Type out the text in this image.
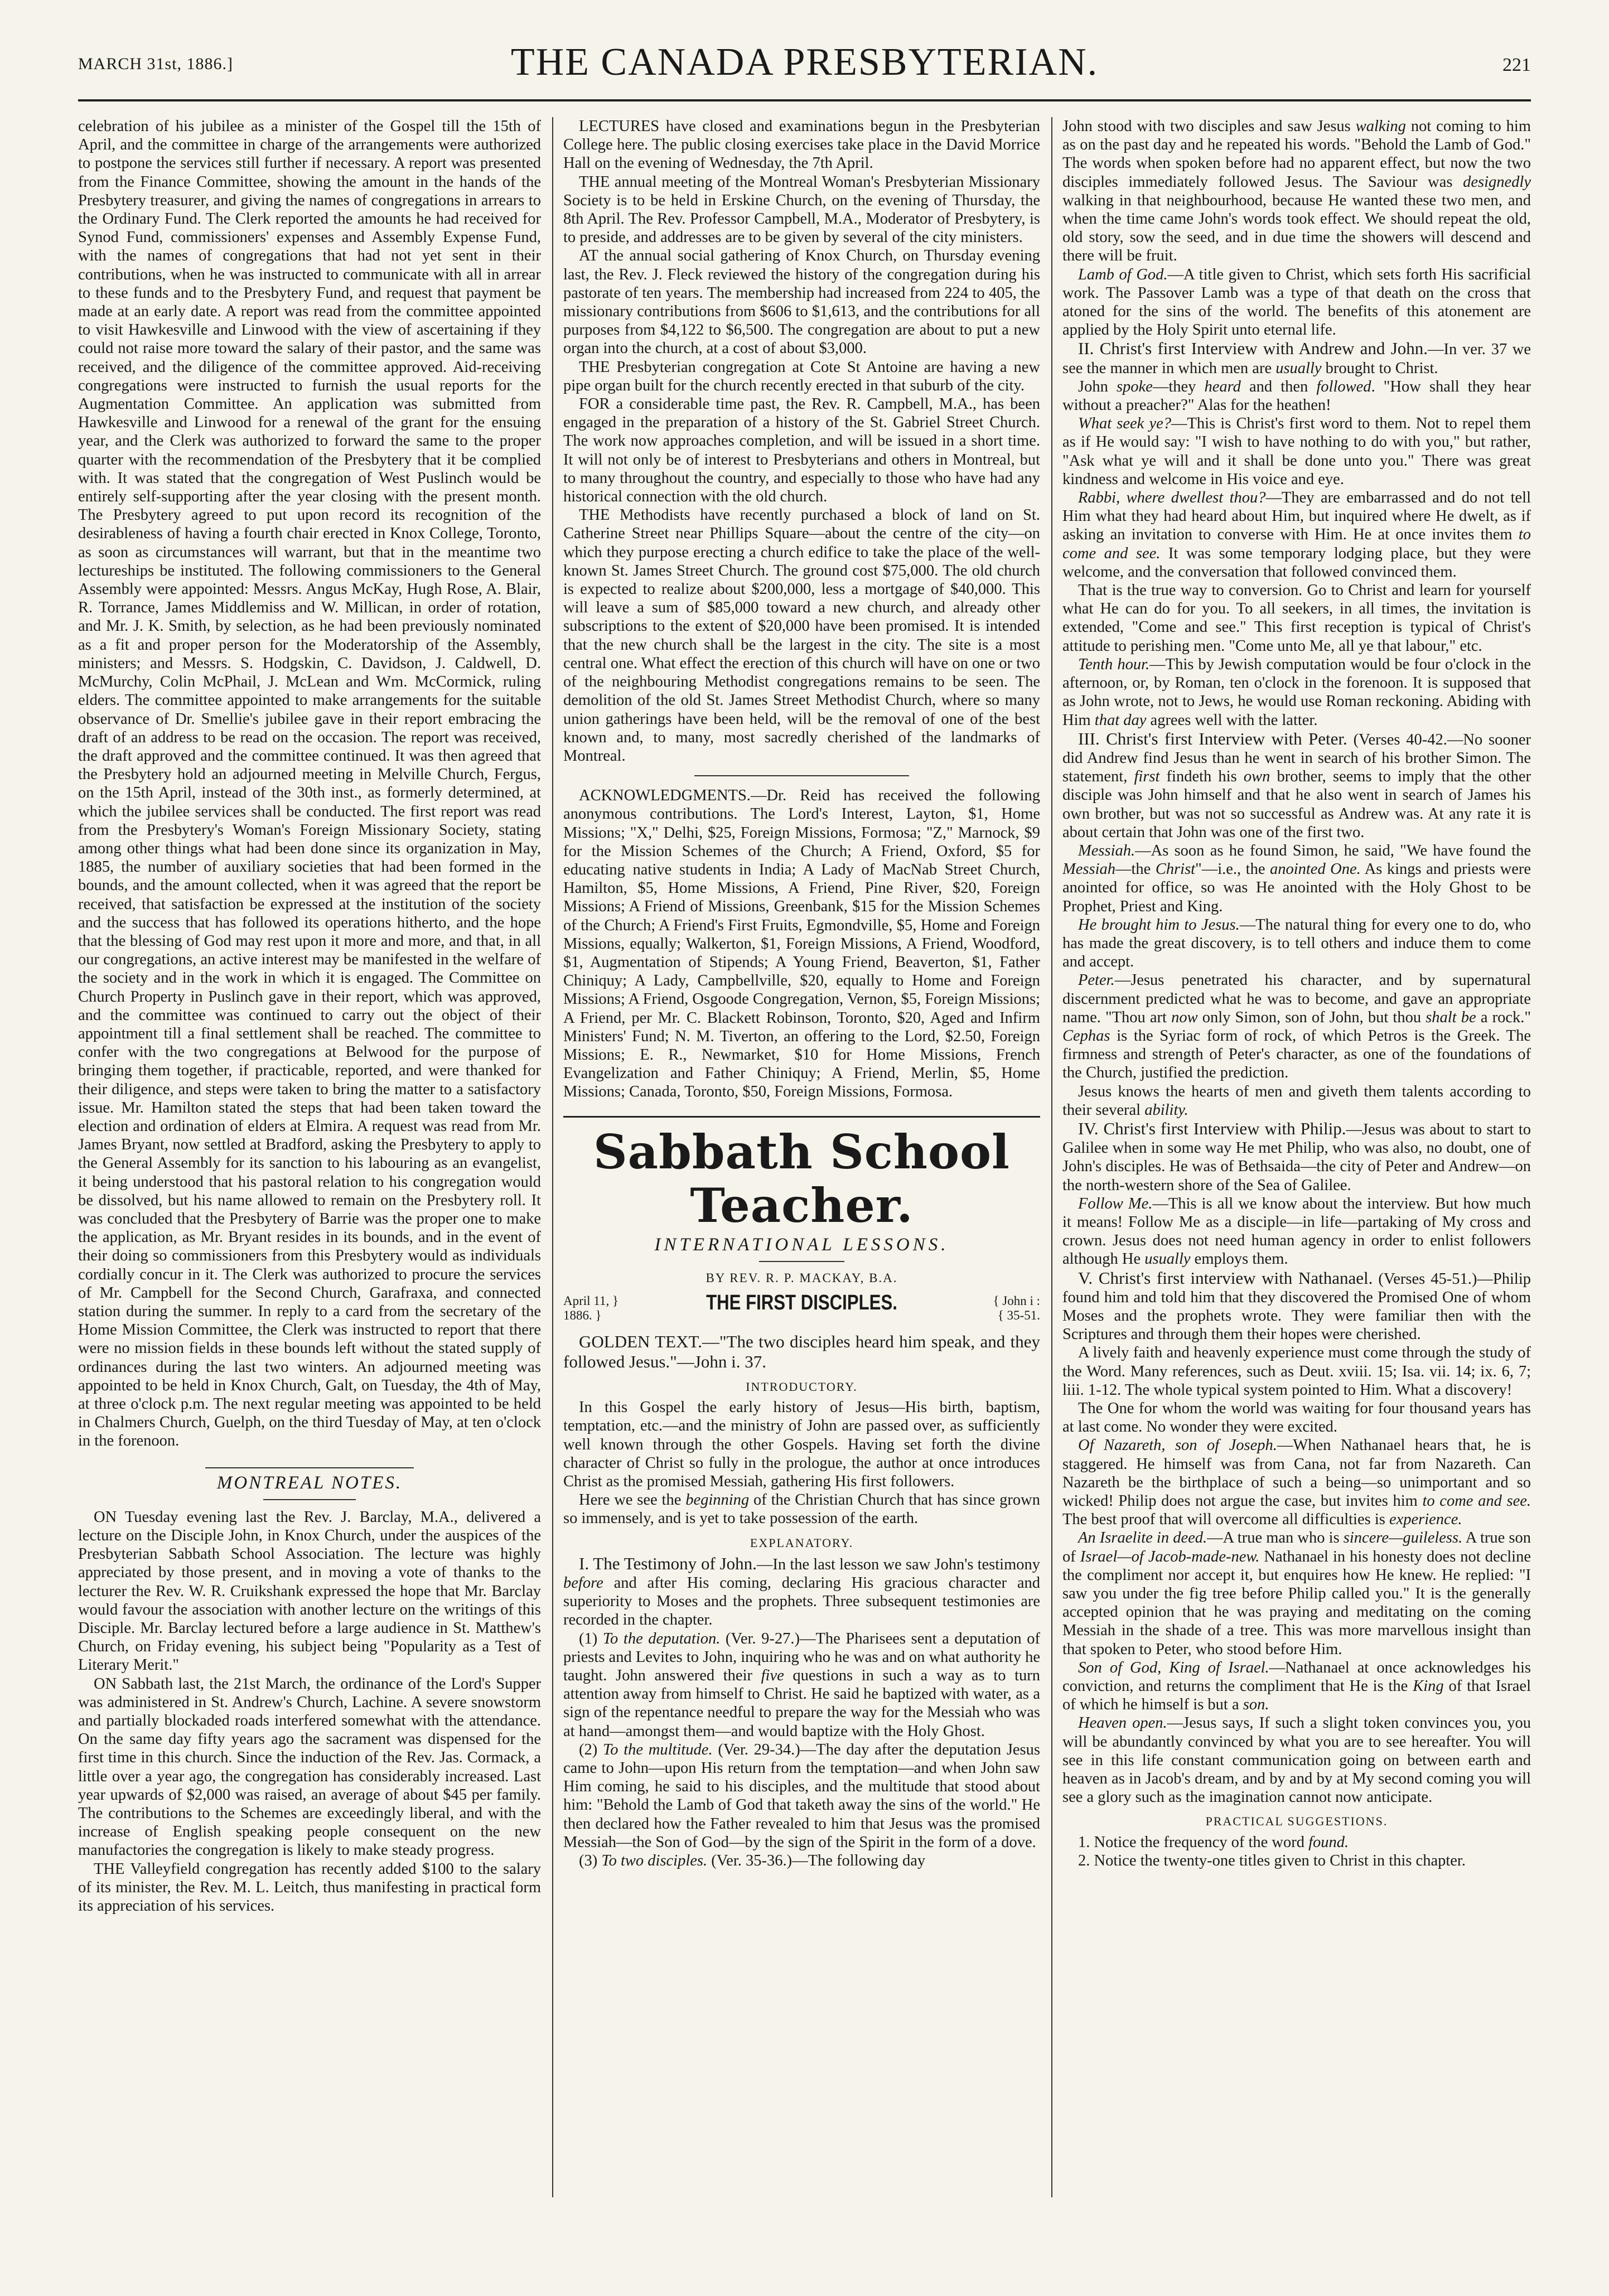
MARCH 31st, 1886.]	THE CANADA PRESBYTERIAN.	221

celebration of his jubilee as a minister of the Gospel till the 15th of April, and the committee in charge of the arrangements were authorized to postpone the services still further if necessary. A report was presented from the Finance Committee, showing the amount in the hands of the Presbytery treasurer, and giving the names of congregations in arrears to the Ordinary Fund. The Clerk reported the amounts he had received for Synod Fund, commissioners' expenses and Assembly Expense Fund, with the names of congregations that had not yet sent in their contributions, when he was instructed to communicate with all in arrear to these funds and to the Presbytery Fund, and request that payment be made at an early date. A report was read from the committee appointed to visit Hawkesville and Linwood with the view of ascertaining if they could not raise more toward the salary of their pastor, and the same was received, and the diligence of the committee approved. Aid-receiving congregations were instructed to furnish the usual reports for the Augmentation Committee. An application was submitted from Hawkesville and Linwood for a renewal of the grant for the ensuing year, and the Clerk was authorized to forward the same to the proper quarter with the recommendation of the Presbytery that it be complied with. It was stated that the congregation of West Puslinch would be entirely self-supporting after the year closing with the present month. The Presbytery agreed to put upon record its recognition of the desirableness of having a fourth chair erected in Knox College, Toronto, as soon as circumstances will warrant, but that in the meantime two lectureships be instituted. The following commissioners to the General Assembly were appointed: Messrs. Angus McKay, Hugh Rose, A. Blair, R. Torrance, James Middlemiss and W. Millican, in order of rotation, and Mr. J. K. Smith, by selection, as he had been previously nominated as a fit and proper person for the Moderatorship of the Assembly, ministers; and Messrs. S. Hodgskin, C. Davidson, J. Caldwell, D. McMurchy, Colin McPhail, J. McLean and Wm. McCormick, ruling elders. The committee appointed to make arrangements for the suitable observance of Dr. Smellie's jubilee gave in their report embracing the draft of an address to be read on the occasion. The report was received, the draft approved and the committee continued. It was then agreed that the Presbytery hold an adjourned meeting in Melville Church, Fergus, on the 15th April, instead of the 30th inst., as formerly determined, at which the jubilee services shall be conducted. The first report was read from the Presbytery's Woman's Foreign Missionary Society, stating among other things what had been done since its organization in May, 1885, the number of auxiliary societies that had been formed in the bounds, and the amount collected, when it was agreed that the report be received, that satisfaction be expressed at the institution of the society and the success that has followed its operations hitherto, and the hope that the blessing of God may rest upon it more and more, and that, in all our congregations, an active interest may be manifested in the welfare of the society and in the work in which it is engaged. The Committee on Church Property in Puslinch gave in their report, which was approved, and the committee was continued to carry out the object of their appointment till a final settlement shall be reached. The committee to confer with the two congregations at Belwood for the purpose of bringing them together, if practicable, reported, and were thanked for their diligence, and steps were taken to bring the matter to a satisfactory issue. Mr. Hamilton stated the steps that had been taken toward the election and ordination of elders at Elmira. A request was read from Mr. James Bryant, now settled at Bradford, asking the Presbytery to apply to the General Assembly for its sanction to his labouring as an evangelist, it being understood that his pastoral relation to his congregation would be dissolved, but his name allowed to remain on the Presbytery roll. It was concluded that the Presbytery of Barrie was the proper one to make the application, as Mr. Bryant resides in its bounds, and in the event of their doing so commissioners from this Presbytery would as individuals cordially concur in it. The Clerk was authorized to procure the services of Mr. Campbell for the Second Church, Garafraxa, and connected station during the summer. In reply to a card from the secretary of the Home Mission Committee, the Clerk was instructed to report that there were no mission fields in these bounds left without the stated supply of ordinances during the last two winters. An adjourned meeting was appointed to be held in Knox Church, Galt, on Tuesday, the 4th of May, at three o'clock p.m. The next regular meeting was appointed to be held in Chalmers Church, Guelph, on the third Tuesday of May, at ten o'clock in the forenoon.

MONTREAL NOTES.

ON Tuesday evening last the Rev. J. Barclay, M.A., delivered a lecture on the Disciple John, in Knox Church, under the auspices of the Presbyterian Sabbath School Association. The lecture was highly appreciated by those present, and in moving a vote of thanks to the lecturer the Rev. W. R. Cruikshank expressed the hope that Mr. Barclay would favour the association with another lecture on the writings of this Disciple. Mr. Barclay lectured before a large audience in St. Matthew's Church, on Friday evening, his subject being "Popularity as a Test of Literary Merit."

ON Sabbath last, the 21st March, the ordinance of the Lord's Supper was administered in St. Andrew's Church, Lachine. A severe snowstorm and partially blockaded roads interfered somewhat with the attendance. On the same day fifty years ago the sacrament was dispensed for the first time in this church. Since the induction of the Rev. Jas. Cormack, a little over a year ago, the congregation has considerably increased. Last year upwards of $2,000 was raised, an average of about $45 per family. The contributions to the Schemes are exceedingly liberal, and with the increase of English speaking people consequent on the new manufactories the congregation is likely to make steady progress.

THE Valleyfield congregation has recently added $100 to the salary of its minister, the Rev. M. L. Leitch, thus manifesting in practical form its appreciation of his services.

LECTURES have closed and examinations begun in the Presbyterian College here. The public closing exercises take place in the David Morrice Hall on the evening of Wednesday, the 7th April.

THE annual meeting of the Montreal Woman's Presbyterian Missionary Society is to be held in Erskine Church, on the evening of Thursday, the 8th April. The Rev. Professor Campbell, M.A., Moderator of Presbytery, is to preside, and addresses are to be given by several of the city ministers.

AT the annual social gathering of Knox Church, on Thursday evening last, the Rev. J. Fleck reviewed the history of the congregation during his pastorate of ten years. The membership had increased from 224 to 405, the missionary contributions from $606 to $1,613, and the contributions for all purposes from $4,122 to $6,500. The congregation are about to put a new organ into the church, at a cost of about $3,000.

THE Presbyterian congregation at Cote St Antoine are having a new pipe organ built for the church recently erected in that suburb of the city.

FOR a considerable time past, the Rev. R. Campbell, M.A., has been engaged in the preparation of a history of the St. Gabriel Street Church. The work now approaches completion, and will be issued in a short time. It will not only be of interest to Presbyterians and others in Montreal, but to many throughout the country, and especially to those who have had any historical connection with the old church.

THE Methodists have recently purchased a block of land on St. Catherine Street near Phillips Square—about the centre of the city—on which they purpose erecting a church edifice to take the place of the well-known St. James Street Church. The ground cost $75,000. The old church is expected to realize about $200,000, less a mortgage of $40,000. This will leave a sum of $85,000 toward a new church, and already other subscriptions to the extent of $20,000 have been promised. It is intended that the new church shall be the largest in the city. The site is a most central one. What effect the erection of this church will have on one or two of the neighbouring Methodist congregations remains to be seen. The demolition of the old St. James Street Methodist Church, where so many union gatherings have been held, will be the removal of one of the best known and, to many, most sacredly cherished of the landmarks of Montreal.

ACKNOWLEDGMENTS.—Dr. Reid has received the following anonymous contributions. The Lord's Interest, Layton, $1, Home Missions; "X," Delhi, $25, Foreign Missions, Formosa; "Z," Marnock, $9 for the Mission Schemes of the Church; A Friend, Oxford, $5 for educating native students in India; A Lady of MacNab Street Church, Hamilton, $5, Home Missions, A Friend, Pine River, $20, Foreign Missions; A Friend of Missions, Greenbank, $15 for the Mission Schemes of the Church; A Friend's First Fruits, Egmondville, $5, Home and Foreign Missions, equally; Walkerton, $1, Foreign Missions, A Friend, Woodford, $1, Augmentation of Stipends; A Young Friend, Beaverton, $1, Father Chiniquy; A Lady, Campbellville, $20, equally to Home and Foreign Missions; A Friend, Osgoode Congregation, Vernon, $5, Foreign Missions; A Friend, per Mr. C. Blackett Robinson, Toronto, $20, Aged and Infirm Ministers' Fund; N. M. Tiverton, an offering to the Lord, $2.50, Foreign Missions; E. R., Newmarket, $10 for Home Missions, French Evangelization and Father Chiniquy; A Friend, Merlin, $5, Home Missions; Canada, Toronto, $50, Foreign Missions, Formosa.

Sabbath School Teacher.
INTERNATIONAL LESSONS.
BY REV. R. P. MACKAY, B.A.
April 11, }
1886. }
THE FIRST DISCIPLES.	{ John i :
{ 35-51.

GOLDEN TEXT.—"The two disciples heard him speak, and they followed Jesus."—John i. 37.

INTRODUCTORY.

In this Gospel the early history of Jesus—His birth, baptism, temptation, etc.—and the ministry of John are passed over, as sufficiently well known through the other Gospels. Having set forth the divine character of Christ so fully in the prologue, the author at once introduces Christ as the promised Messiah, gathering His first followers.

Here we see the beginning of the Christian Church that has since grown so immensely, and is yet to take possession of the earth.

EXPLANATORY.

I. The Testimony of John.—In the last lesson we saw John's testimony before and after His coming, declaring His gracious character and superiority to Moses and the prophets. Three subsequent testimonies are recorded in the chapter.

(1) To the deputation. (Ver. 9-27.)—The Pharisees sent a deputation of priests and Levites to John, inquiring who he was and on what authority he taught. John answered their five questions in such a way as to turn attention away from himself to Christ. He said he baptized with water, as a sign of the repentance needful to prepare the way for the Messiah who was at hand—amongst them—and would baptize with the Holy Ghost.

(2) To the multitude. (Ver. 29-34.)—The day after the deputation Jesus came to John—upon His return from the temptation—and when John saw Him coming, he said to his disciples, and the multitude that stood about him: "Behold the Lamb of God that taketh away the sins of the world." He then declared how the Father revealed to him that Jesus was the promised Messiah—the Son of God—by the sign of the Spirit in the form of a dove.

(3) To two disciples. (Ver. 35-36.)—The following day

John stood with two disciples and saw Jesus walking not coming to him as on the past day and he repeated his words. "Behold the Lamb of God." The words when spoken before had no apparent effect, but now the two disciples immediately followed Jesus. The Saviour was designedly walking in that neighbourhood, because He wanted these two men, and when the time came John's words took effect. We should repeat the old, old story, sow the seed, and in due time the showers will descend and there will be fruit.

Lamb of God.—A title given to Christ, which sets forth His sacrificial work. The Passover Lamb was a type of that death on the cross that atoned for the sins of the world. The benefits of this atonement are applied by the Holy Spirit unto eternal life.

II. Christ's first Interview with Andrew and John.—In ver. 37 we see the manner in which men are usually brought to Christ.

John spoke—they heard and then followed. "How shall they hear without a preacher?" Alas for the heathen!

What seek ye?—This is Christ's first word to them. Not to repel them as if He would say: "I wish to have nothing to do with you," but rather, "Ask what ye will and it shall be done unto you." There was great kindness and welcome in His voice and eye.

Rabbi, where dwellest thou?—They are embarrassed and do not tell Him what they had heard about Him, but inquired where He dwelt, as if asking an invitation to converse with Him. He at once invites them to come and see. It was some temporary lodging place, but they were welcome, and the conversation that followed convinced them.

That is the true way to conversion. Go to Christ and learn for yourself what He can do for you. To all seekers, in all times, the invitation is extended, "Come and see." This first reception is typical of Christ's attitude to perishing men. "Come unto Me, all ye that labour," etc.

Tenth hour.—This by Jewish computation would be four o'clock in the afternoon, or, by Roman, ten o'clock in the forenoon. It is supposed that as John wrote, not to Jews, he would use Roman reckoning. Abiding with Him that day agrees well with the latter.

III. Christ's first Interview with Peter. (Verses 40-42.—No sooner did Andrew find Jesus than he went in search of his brother Simon. The statement, first findeth his own brother, seems to imply that the other disciple was John himself and that he also went in search of James his own brother, but was not so successful as Andrew was. At any rate it is about certain that John was one of the first two.

Messiah.—As soon as he found Simon, he said, "We have found the Messiah—the Christ"—i.e., the anointed One. As kings and priests were anointed for office, so was He anointed with the Holy Ghost to be Prophet, Priest and King.

He brought him to Jesus.—The natural thing for every one to do, who has made the great discovery, is to tell others and induce them to come and accept.

Peter.—Jesus penetrated his character, and by supernatural discernment predicted what he was to become, and gave an appropriate name. "Thou art now only Simon, son of John, but thou shalt be a rock." Cephas is the Syriac form of rock, of which Petros is the Greek. The firmness and strength of Peter's character, as one of the foundations of the Church, justified the prediction.

Jesus knows the hearts of men and giveth them talents according to their several ability.

IV. Christ's first Interview with Philip.—Jesus was about to start to Galilee when in some way He met Philip, who was also, no doubt, one of John's disciples. He was of Bethsaida—the city of Peter and Andrew—on the north-western shore of the Sea of Galilee.

Follow Me.—This is all we know about the interview. But how much it means! Follow Me as a disciple—in life—partaking of My cross and crown. Jesus does not need human agency in order to enlist followers although He usually employs them.

V. Christ's first interview with Nathanael. (Verses 45-51.)—Philip found him and told him that they discovered the Promised One of whom Moses and the prophets wrote. They were familiar then with the Scriptures and through them their hopes were cherished.

A lively faith and heavenly experience must come through the study of the Word. Many references, such as Deut. xviii. 15; Isa. vii. 14; ix. 6, 7; liii. 1-12. The whole typical system pointed to Him. What a discovery!

The One for whom the world was waiting for four thousand years has at last come. No wonder they were excited.

Of Nazareth, son of Joseph.—When Nathanael hears that, he is staggered. He himself was from Cana, not far from Nazareth. Can Nazareth be the birthplace of such a being—so unimportant and so wicked! Philip does not argue the case, but invites him to come and see. The best proof that will overcome all difficulties is experience.

An Israelite in deed.—A true man who is sincere—guileless. A true son of Israel—of Jacob-made-new. Nathanael in his honesty does not decline the compliment nor accept it, but enquires how He knew. He replied: "I saw you under the fig tree before Philip called you." It is the generally accepted opinion that he was praying and meditating on the coming Messiah in the shade of a tree. This was more marvellous insight than that spoken to Peter, who stood before Him.

Son of God, King of Israel.—Nathanael at once acknowledges his conviction, and returns the compliment that He is the King of that Israel of which he himself is but a son.

Heaven open.—Jesus says, If such a slight token convinces you, you will be abundantly convinced by what you are to see hereafter. You will see in this life constant communication going on between earth and heaven as in Jacob's dream, and by and by at My second coming you will see a glory such as the imagination cannot now anticipate.

PRACTICAL SUGGESTIONS.

1. Notice the frequency of the word found.

2. Notice the twenty-one titles given to Christ in this chapter.
